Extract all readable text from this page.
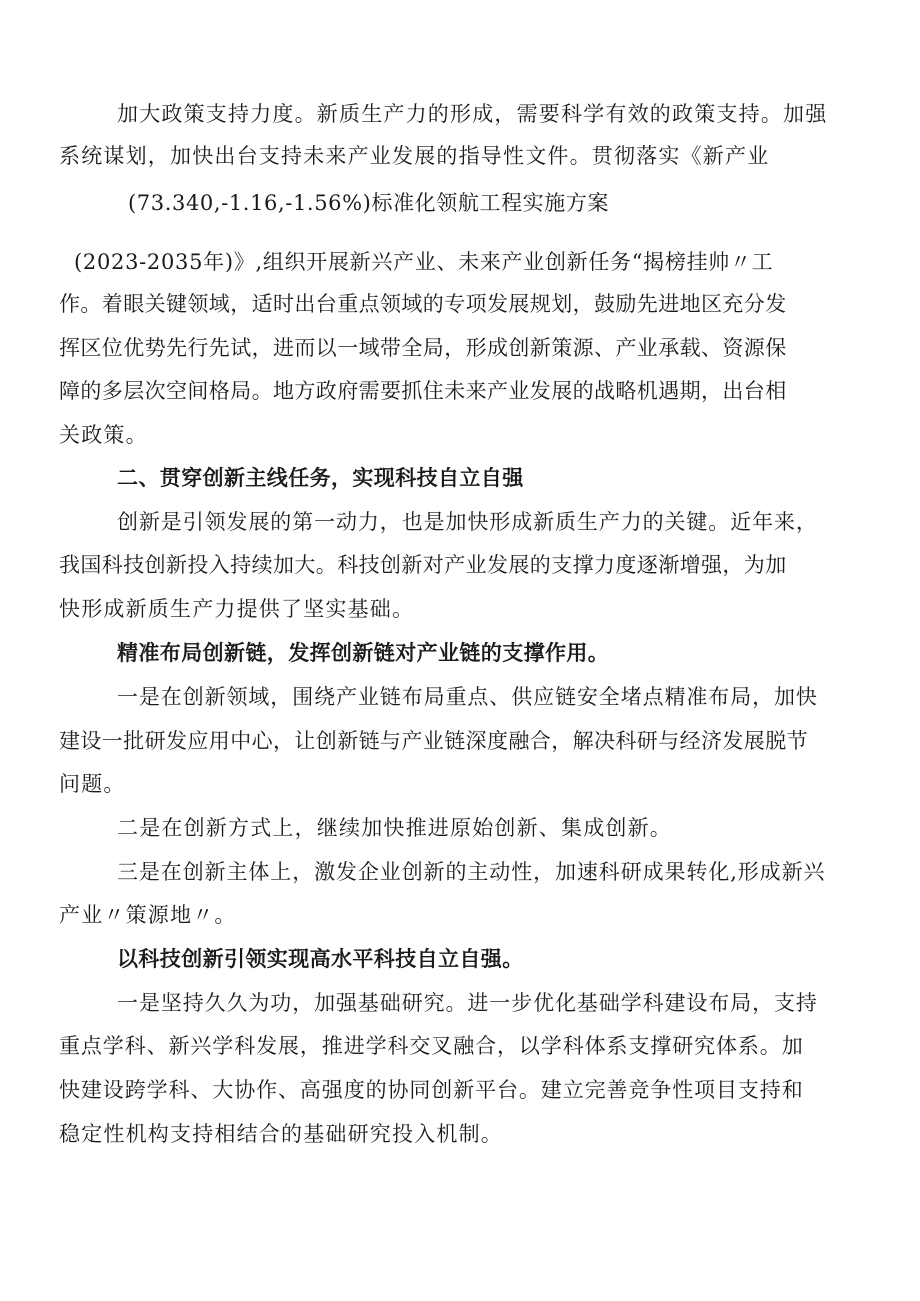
加大政策支持力度。新质生产力的形成，需要科学有效的政策支持。加强
系统谋划，加快出台支持未来产业发展的指导性文件。贯彻落实《新产业
(73.340,-1.16,-1.56%)标准化领航工程实施方案
(2023-2035年)》,组织开展新兴产业、未来产业创新任务“揭榜挂帅〃工
作。着眼关键领域，适时出台重点领域的专项发展规划，鼓励先进地区充分发
挥区位优势先行先试，进而以一域带全局，形成创新策源、产业承载、资源保
障的多层次空间格局。地方政府需要抓住未来产业发展的战略机遇期，出台相
关政策。
二、贯穿创新主线任务，实现科技自立自强
创新是引领发展的第一动力，也是加快形成新质生产力的关键。近年来，
我国科技创新投入持续加大。科技创新对产业发展的支撑力度逐渐增强，为加
快形成新质生产力提供了坚实基础。
精准布局创新链，发挥创新链对产业链的支撑作用。
一是在创新领域，围绕产业链布局重点、供应链安全堵点精准布局，加快
建设一批研发应用中心，让创新链与产业链深度融合，解决科研与经济发展脱节
问题。
二是在创新方式上，继续加快推进原始创新、集成创新。
三是在创新主体上，激发企业创新的主动性，加速科研成果转化,形成新兴
产业〃策源地〃。
以科技创新引领实现高水平科技自立自强。
一是坚持久久为功，加强基础研究。进一步优化基础学科建设布局，支持
重点学科、新兴学科发展，推进学科交叉融合，以学科体系支撑研究体系。加
快建设跨学科、大协作、高强度的协同创新平台。建立完善竞争性项目支持和
稳定性机构支持相结合的基础研究投入机制。
